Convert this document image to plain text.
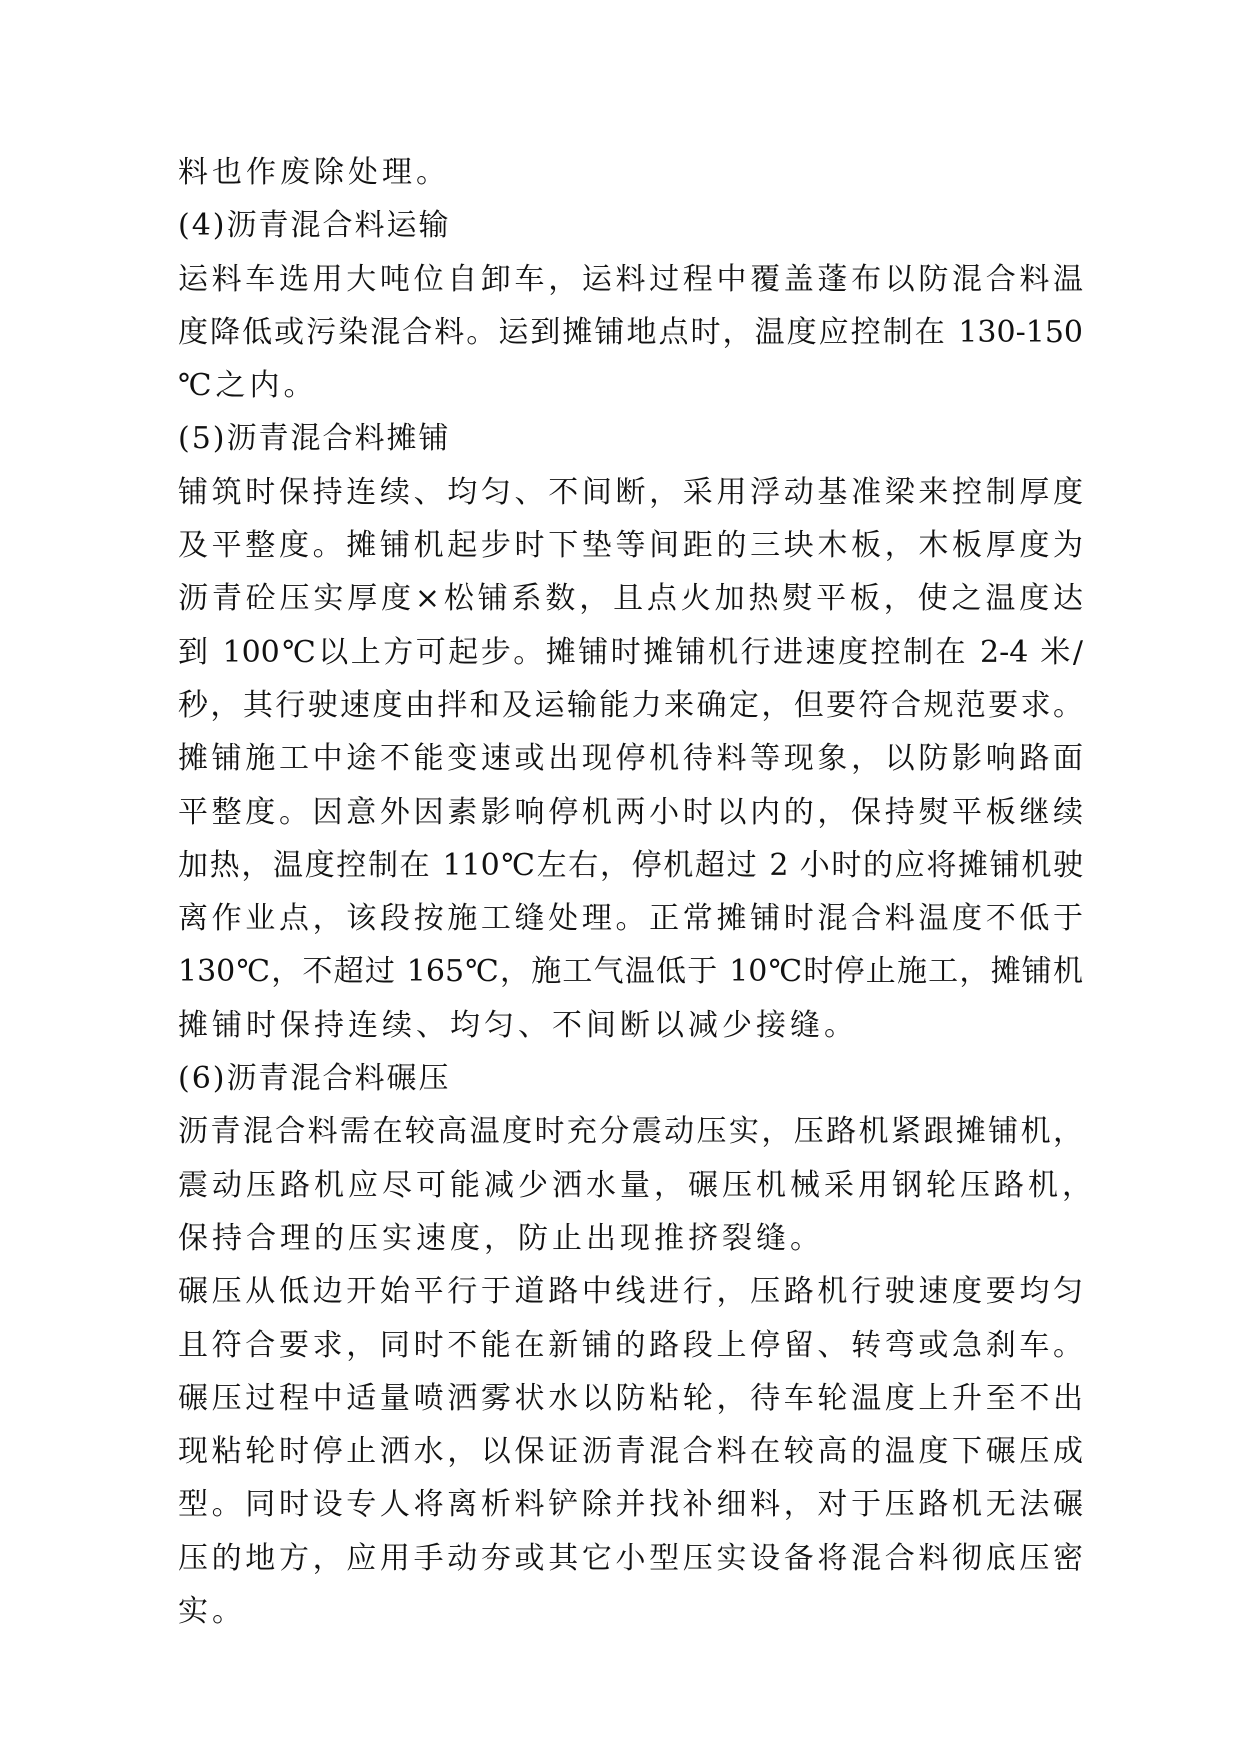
料也作废除处理。
(4)沥青混合料运输
运料车选用大吨位自卸车，运料过程中覆盖蓬布以防混合料温
度降低或污染混合料。运到摊铺地点时，温度应控制在 130-150
℃之内。
(5)沥青混合料摊铺
铺筑时保持连续、均匀、不间断，采用浮动基准梁来控制厚度
及平整度。摊铺机起步时下垫等间距的三块木板，木板厚度为
沥青砼压实厚度×松铺系数，且点火加热熨平板，使之温度达
到 100℃以上方可起步。摊铺时摊铺机行进速度控制在 2-4 米/
秒，其行驶速度由拌和及运输能力来确定，但要符合规范要求。
摊铺施工中途不能变速或出现停机待料等现象，以防影响路面
平整度。因意外因素影响停机两小时以内的，保持熨平板继续
加热，温度控制在 110℃左右，停机超过 2 小时的应将摊铺机驶
离作业点，该段按施工缝处理。正常摊铺时混合料温度不低于
130℃，不超过 165℃，施工气温低于 10℃时停止施工，摊铺机
摊铺时保持连续、均匀、不间断以减少接缝。
(6)沥青混合料碾压
沥青混合料需在较高温度时充分震动压实，压路机紧跟摊铺机，
震动压路机应尽可能减少洒水量，碾压机械采用钢轮压路机，
保持合理的压实速度，防止出现推挤裂缝。
碾压从低边开始平行于道路中线进行，压路机行驶速度要均匀
且符合要求，同时不能在新铺的路段上停留、转弯或急刹车。
碾压过程中适量喷洒雾状水以防粘轮，待车轮温度上升至不出
现粘轮时停止洒水，以保证沥青混合料在较高的温度下碾压成
型。同时设专人将离析料铲除并找补细料，对于压路机无法碾
压的地方，应用手动夯或其它小型压实设备将混合料彻底压密
实。
